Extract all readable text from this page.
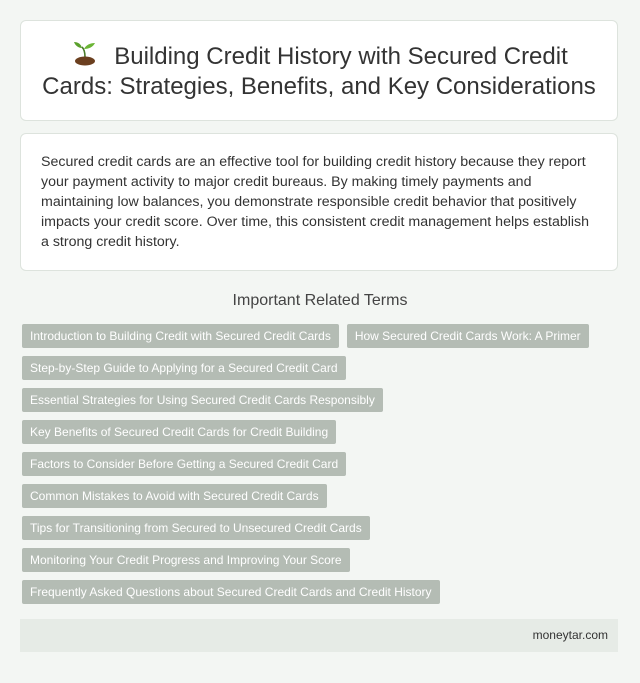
Building Credit History with Secured Credit Cards: Strategies, Benefits, and Key Considerations

Secured credit cards are an effective tool for building credit history because they report your payment activity to major credit bureaus. By making timely payments and maintaining low balances, you demonstrate responsible credit behavior that positively impacts your credit score. Over time, this consistent credit management helps establish a strong credit history.

Important Related Terms
Introduction to Building Credit with Secured Credit Cards	How Secured Credit Cards Work: A Primer
Step-by-Step Guide to Applying for a Secured Credit Card
Essential Strategies for Using Secured Credit Cards Responsibly
Key Benefits of Secured Credit Cards for Credit Building
Factors to Consider Before Getting a Secured Credit Card
Common Mistakes to Avoid with Secured Credit Cards
Tips for Transitioning from Secured to Unsecured Credit Cards
Monitoring Your Credit Progress and Improving Your Score
Frequently Asked Questions about Secured Credit Cards and Credit History
moneytar.com
